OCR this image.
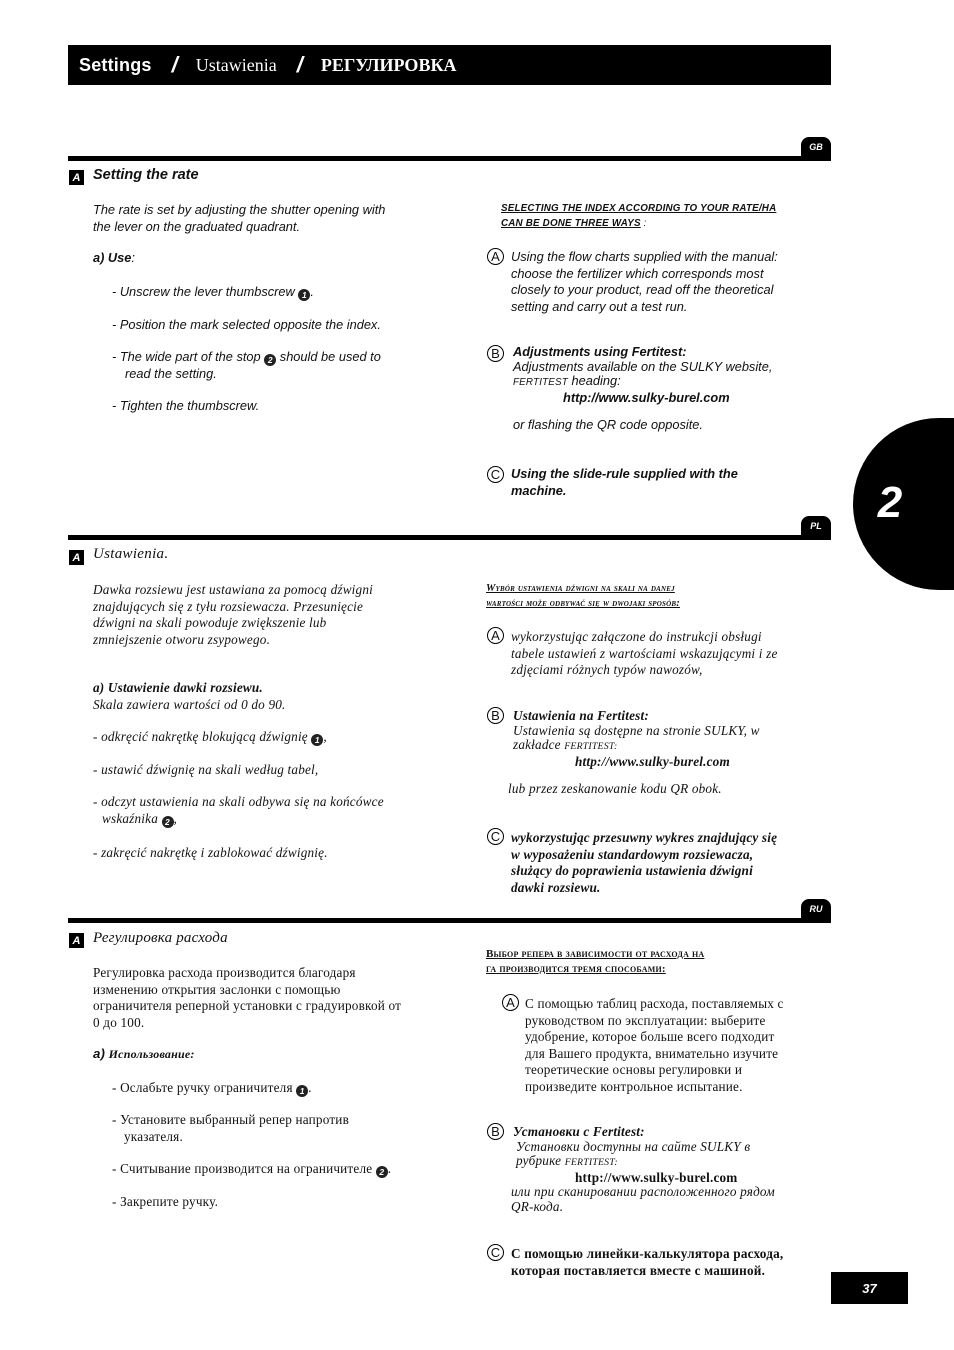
Settings / Ustawienia / РЕГУЛИРОВКА
2
GB
A Setting the rate
The rate is set by adjusting the shutter opening with
the lever on the graduated quadrant.
a) Use:
- Unscrew the lever thumbscrew 1 .
- Position the mark selected opposite the index.
- The wide part of the stop 2 should be used to
read the setting.
- Tighten the thumbscrew.
SELECTING THE INDEX ACCORDING TO YOUR RATE/HA
CAN BE DONE THREE WAYS :
A Using the flow charts supplied with the manual:
choose the fertilizer which corresponds most
closely to your product, read off the theoretical
setting and carry out a test run.
B	Adjustments using Fertitest:
Adjustments available on the SULKY website,
FERTITEST heading:
http://www.sulky-burel.com
or flashing the QR code opposite.
C Using the slide-rule supplied with the
machine.
PL
A Ustawienia.
Dawka rozsiewu jest ustawiana za pomocą dźwigni
znajdujących się z tyłu rozsiewacza. Przesunięcie
dźwigni na skali powoduje zwiększenie lub
zmniejszenie otworu zsypowego.
a) Ustawienie dawki rozsiewu.
Skala zawiera wartości od 0 do 90.
- odkręcić nakrętkę blokującą dźwignię 1 ,
- ustawić dźwignię na skali według tabel,
- odczyt ustawienia na skali odbywa się na końcówce
wskaźnika 2 ,
- zakręcić nakrętkę i zablokować dźwignię.
Wybór ustawienia dźwigni na skali na danej
wartości może odbywać się w dwojaki sposób:
A wykorzystując załączone do instrukcji obsługi
tabele ustawień z wartościami wskazującymi i ze
zdjęciami różnych typów nawozów,
B Ustawienia na Fertitest:
Ustawienia są dostępne na stronie SULKY, w
zakładce FERTITEST:
http://www.sulky-burel.com
lub przez zeskanowanie kodu QR obok.
C wykorzystując przesuwny wykres znajdujący się
w wyposażeniu standardowym rozsiewacza,
służący do poprawienia ustawienia dźwigni
dawki rozsiewu.
RU
A Регулировка расхода
Регулировка расхода производится благодаря
изменению открытия заслонки с помощью
ограничителя реперной установки с градуировкой от
0 до 100.
a) Использование:
- Ослабьте ручку ограничителя 1 .
- Установите выбранный репер напротив
указателя.
- Считывание производится на ограничителе 2 .
- Закрепите ручку.
Выбор репера в зависимости от расхода на
га производится тремя способами:
A С помощью таблиц расхода, поставляемых с
руководством по эксплуатации: выберите
удобрение, которое больше всего подходит
для Вашего продукта, внимательно изучите
теоретические основы регулировки и
произведите контрольное испытание.
B Установки с Fertitest:
Установки доступны на сайте SULKY в
рубрике FERTITEST:
http://www.sulky-burel.com
или при сканировании расположенного рядом
QR-кода.
C С помощью линейки-калькулятора расхода,
которая поставляется вместе с машиной.
37
